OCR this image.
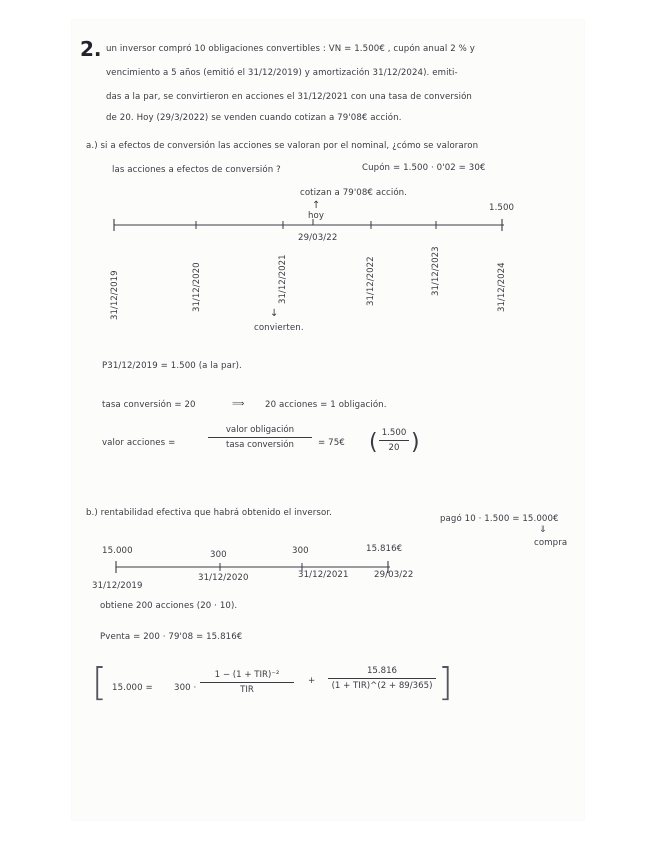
2. un inversor compró 10 obligaciones convertibles : VN = 1.500€ , cupón anual 2 % y
vencimiento a 5 años (emitió el 31/12/2019) y amortización 31/12/2024). emiti-
das a la par, se convirtieron en acciones el 31/12/2021 con una tasa de conversión
de 20. Hoy (29/3/2022) se venden cuando cotizan a 79'08€ acción.
a.) si a efectos de conversión las acciones se valoran por el nominal, ¿cómo se valoraron
las acciones a efectos de conversión ?	Cupón = 1.500 · 0'02 = 30€
cotizan a 79'08€ acción.
↑
hoy
1.500
31/12/2019	31/12/2020	31/12/2021
29/03/22
31/12/2022	31/12/2023	31/12/2024
↓
convierten.
P31/12/2019 = 1.500 (a la par).
tasa conversión = 20	⟹ 20 acciones = 1 obligación.
valor acciones =
valor obligación
tasa conversión	= 75€ ( 1.500
20 )
b.) rentabilidad efectiva que habrá obtenido el inversor.
pagó 10 · 1.500 = 15.000€
⇓
compra
15.000	300	300	15.816€
31/12/2019
31/12/2020	31/12/2021	29/03/22
obtiene 200 acciones (20 · 10).
Pventa = 200 · 79'08 = 15.816€
[ 15.000 = 300 ·
1 − (1 + TIR)⁻²
TIR
+
15.816
(1 + TIR)^(2 + 89/365) ]
